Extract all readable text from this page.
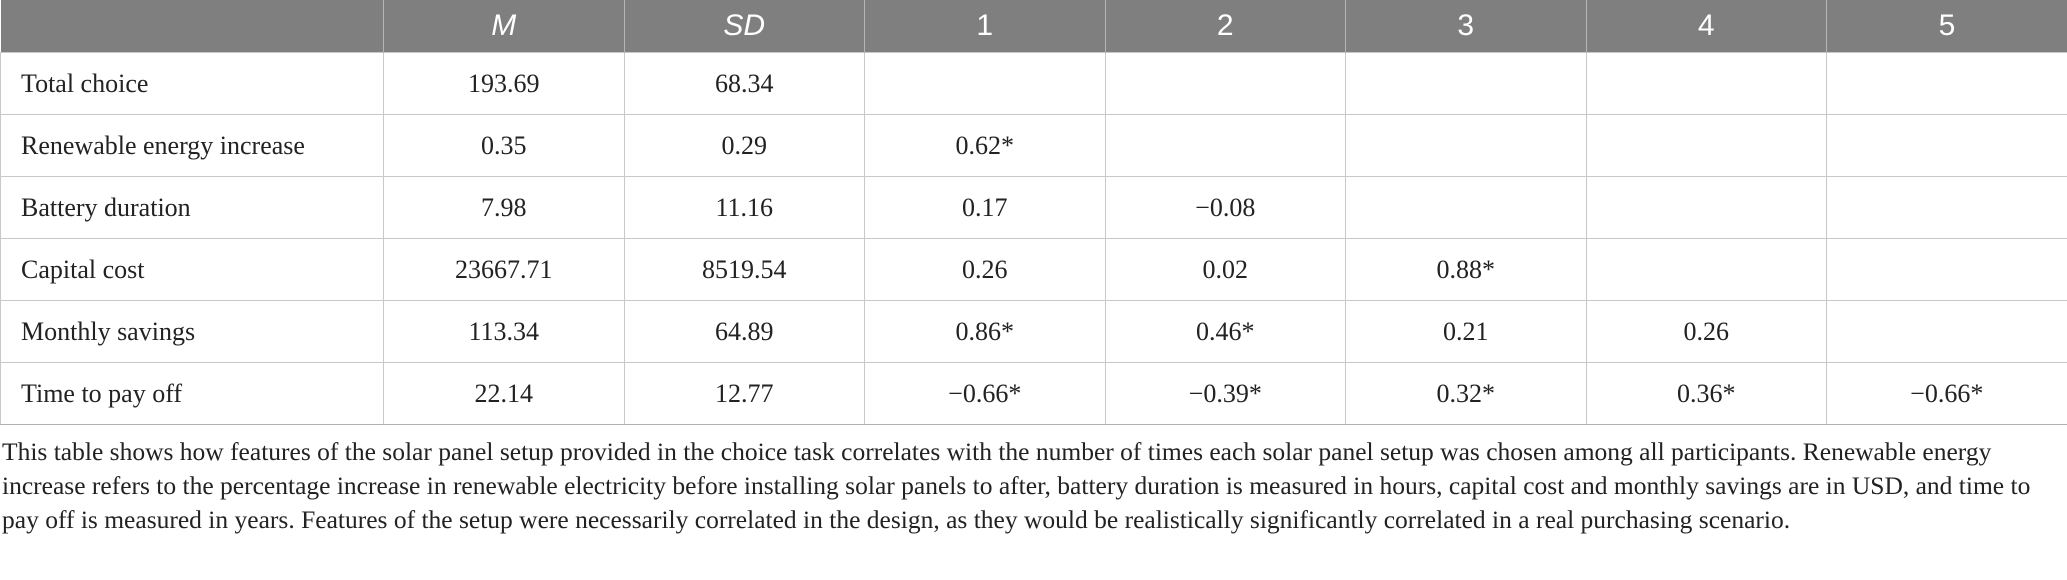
	M	SD	1	2	3	4	5
Total choice	193.69	68.34					
Renewable energy increase	0.35	0.29	0.62*				
Battery duration	7.98	11.16	0.17	−0.08			
Capital cost	23667.71	8519.54	0.26	0.02	0.88*		
Monthly savings	113.34	64.89	0.86*	0.46*	0.21	0.26	
Time to pay off	22.14	12.77	−0.66*	−0.39*	0.32*	0.36*	−0.66*

This table shows how features of the solar panel setup provided in the choice task correlates with the number of times each solar panel setup was chosen among all participants. Renewable energy increase refers to the percentage increase in renewable electricity before installing solar panels to after, battery duration is measured in hours, capital cost and monthly savings are in USD, and time to pay off is measured in years. Features of the setup were necessarily correlated in the design, as they would be realistically significantly correlated in a real purchasing scenario.
